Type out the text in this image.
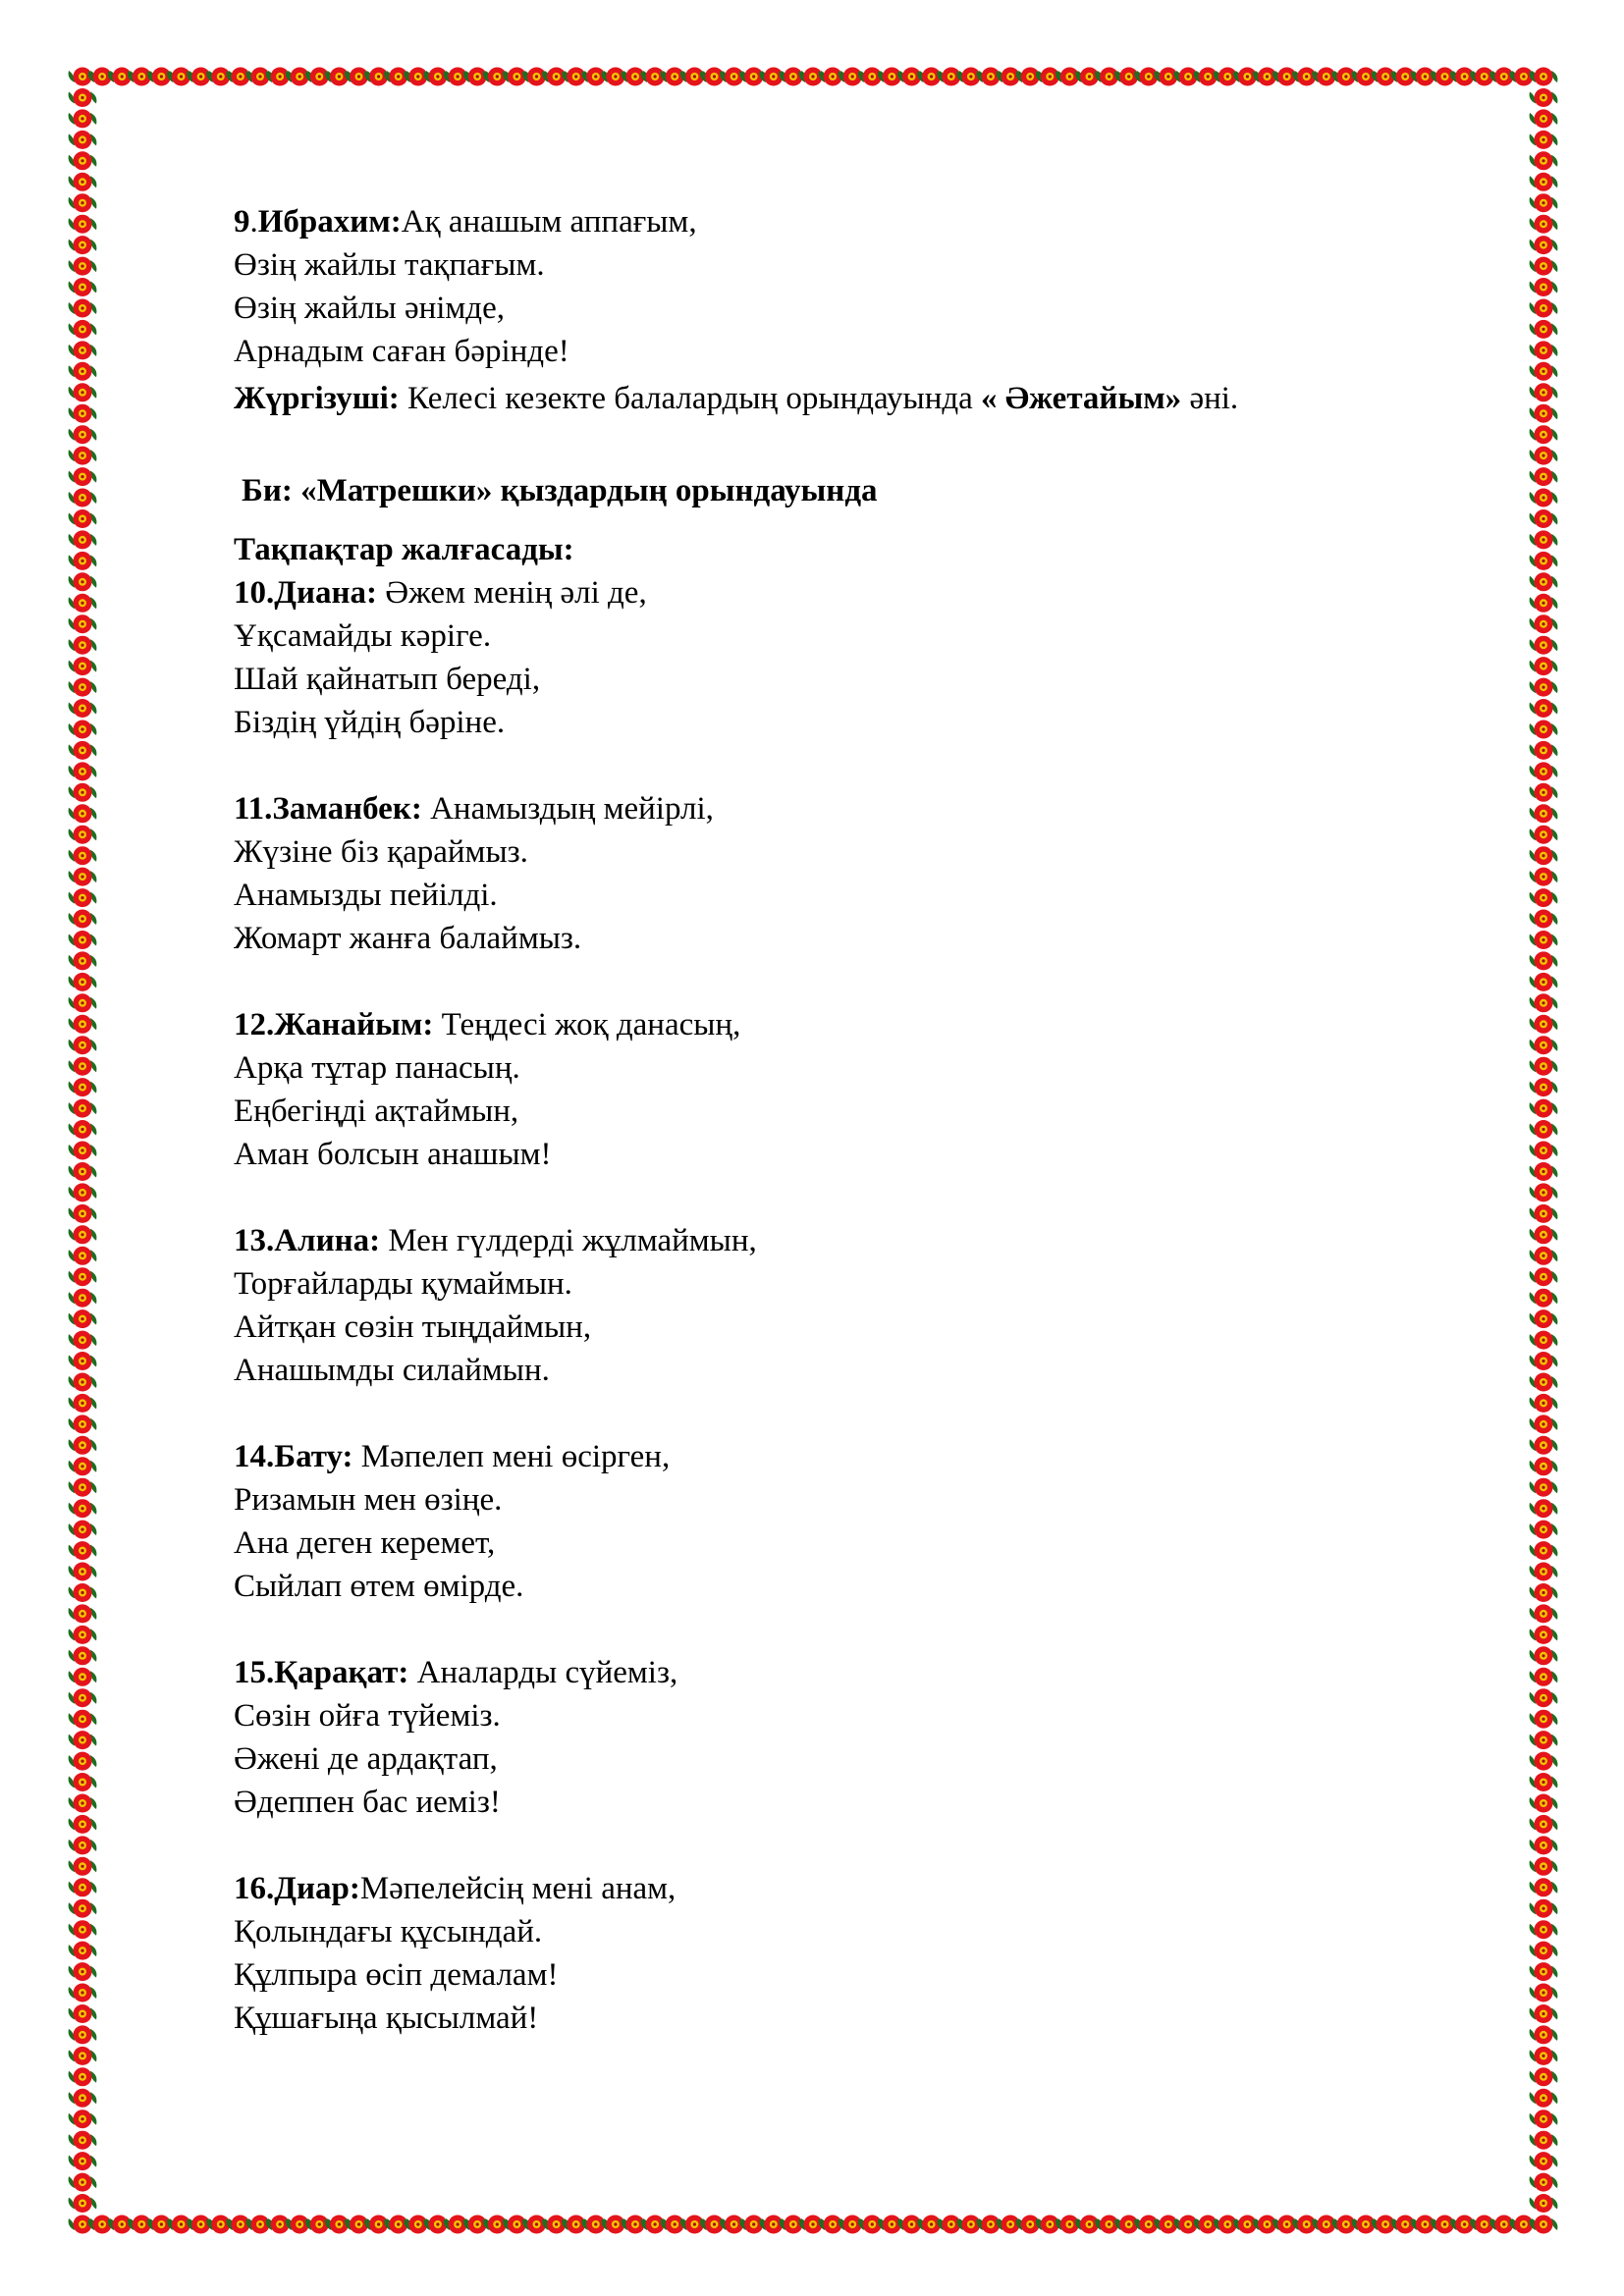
9.Ибрахим:Ақ анашым аппағым,

Өзің жайлы тақпағым.

Өзің жайлы әнімде,

Арнадым саған бәрінде!

Жүргізуші: Келесі кезекте балалардың орындауында « Әжетайым» әні.

Би: «Матрешки» қыздардың орындауында

Тақпақтар жалғасады:

10.Диана: Әжем менің әлі де,

Ұқсамайды кәріге.

Шай қайнатып береді,

Біздің үйдің бәріне.

11.Заманбек: Анамыздың мейірлі,

Жүзіне біз қараймыз.

Анамызды пейілді.

Жомарт жанға балаймыз.

12.Жанайым: Теңдесі жоқ данасың,

Арқа тұтар панасың.

Еңбегіңді ақтаймын,

Аман болсын анашым!

13.Алина: Мен гүлдерді жұлмаймын,

Торғайларды қумаймын.

Айтқан сөзін тыңдаймын,

Анашымды силаймын.

14.Бату: Мәпелеп мені өсірген,

Ризамын мен өзіңе.

Ана деген керемет,

Сыйлап өтем өмірде.

15.Қарақат: Аналарды сүйеміз,

Сөзін ойға түйеміз.

Әжені де ардақтап,

Әдеппен бас иеміз!

16.Диар:Мәпелейсің мені анам,

Қолындағы құсындай.

Құлпыра өсіп демалам!

Құшағыңа қысылмай!
